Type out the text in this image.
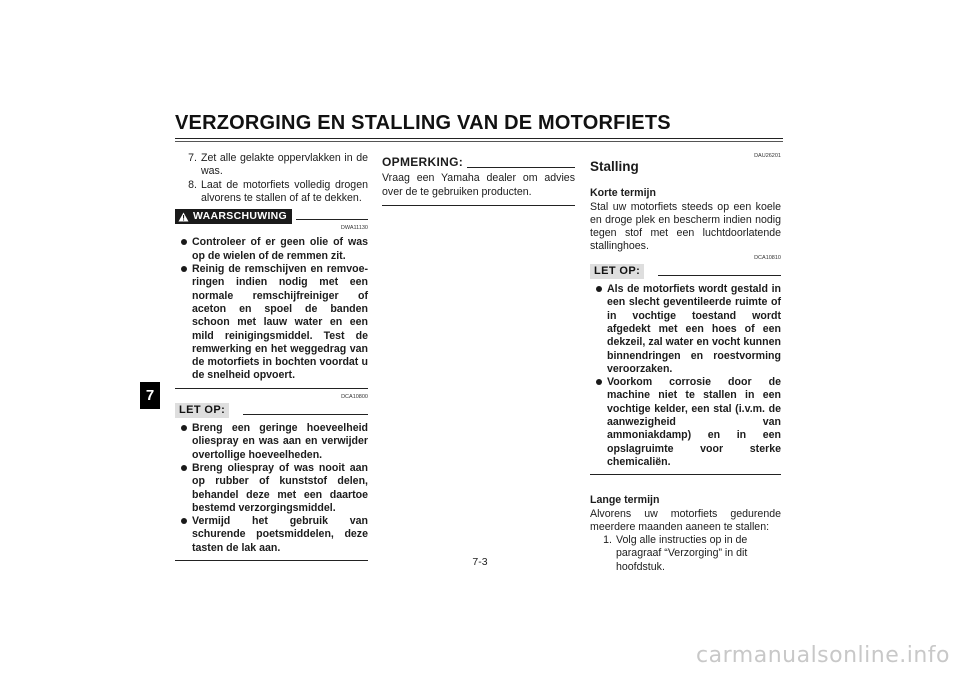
VERZORGING EN STALLING VAN DE MOTORFIETS
7
7. Zet alle gelakte oppervlakken in de was.
8. Laat de motorfiets volledig drogen alvorens te stallen of af te dekken.
WAARSCHUWING
DWA11130
Controleer of er geen olie of was op de wielen of de remmen zit.
Reinig de remschijven en remvoeringen indien nodig met een normale remschijfreiniger of aceton en spoel de banden schoon met lauw water en een mild reinigingsmiddel. Test de remwerking en het weggedrag van de motorfiets in bochten voordat u de snelheid opvoert.
DCA10800
LET OP:
Breng een geringe hoeveelheid oliespray en was aan en verwijder overtollige hoeveelheden.
Breng oliespray of was nooit aan op rubber of kunststof delen, behandel deze met een daartoe bestemd verzorgingsmiddel.
Vermijd het gebruik van schurende poetsmiddelen, deze tasten de lak aan.
OPMERKING:
Vraag een Yamaha dealer om advies over de te gebruiken producten.
DAU26201
Stalling
Korte termijn
Stal uw motorfiets steeds op een koele en droge plek en bescherm indien nodig tegen stof met een luchtdoorlatende stallinghoes.
DCA10810
LET OP:
Als de motorfiets wordt gestald in een slecht geventileerde ruimte of in vochtige toestand wordt afgedekt met een hoes of een dekzeil, zal water en vocht kunnen binnendringen en roestvorming veroorzaken.
Voorkom corrosie door de machine niet te stallen in een vochtige kelder, een stal (i.v.m. de aanwezigheid van ammoniakdamp) en in een opslagruimte voor sterke chemicaliën.
Lange termijn
Alvorens uw motorfiets gedurende meerdere maanden aaneen te stallen:
1. Volg alle instructies op in de paragraaf “Verzorging” in dit hoofdstuk.
7-3
carmanualsonline.info
